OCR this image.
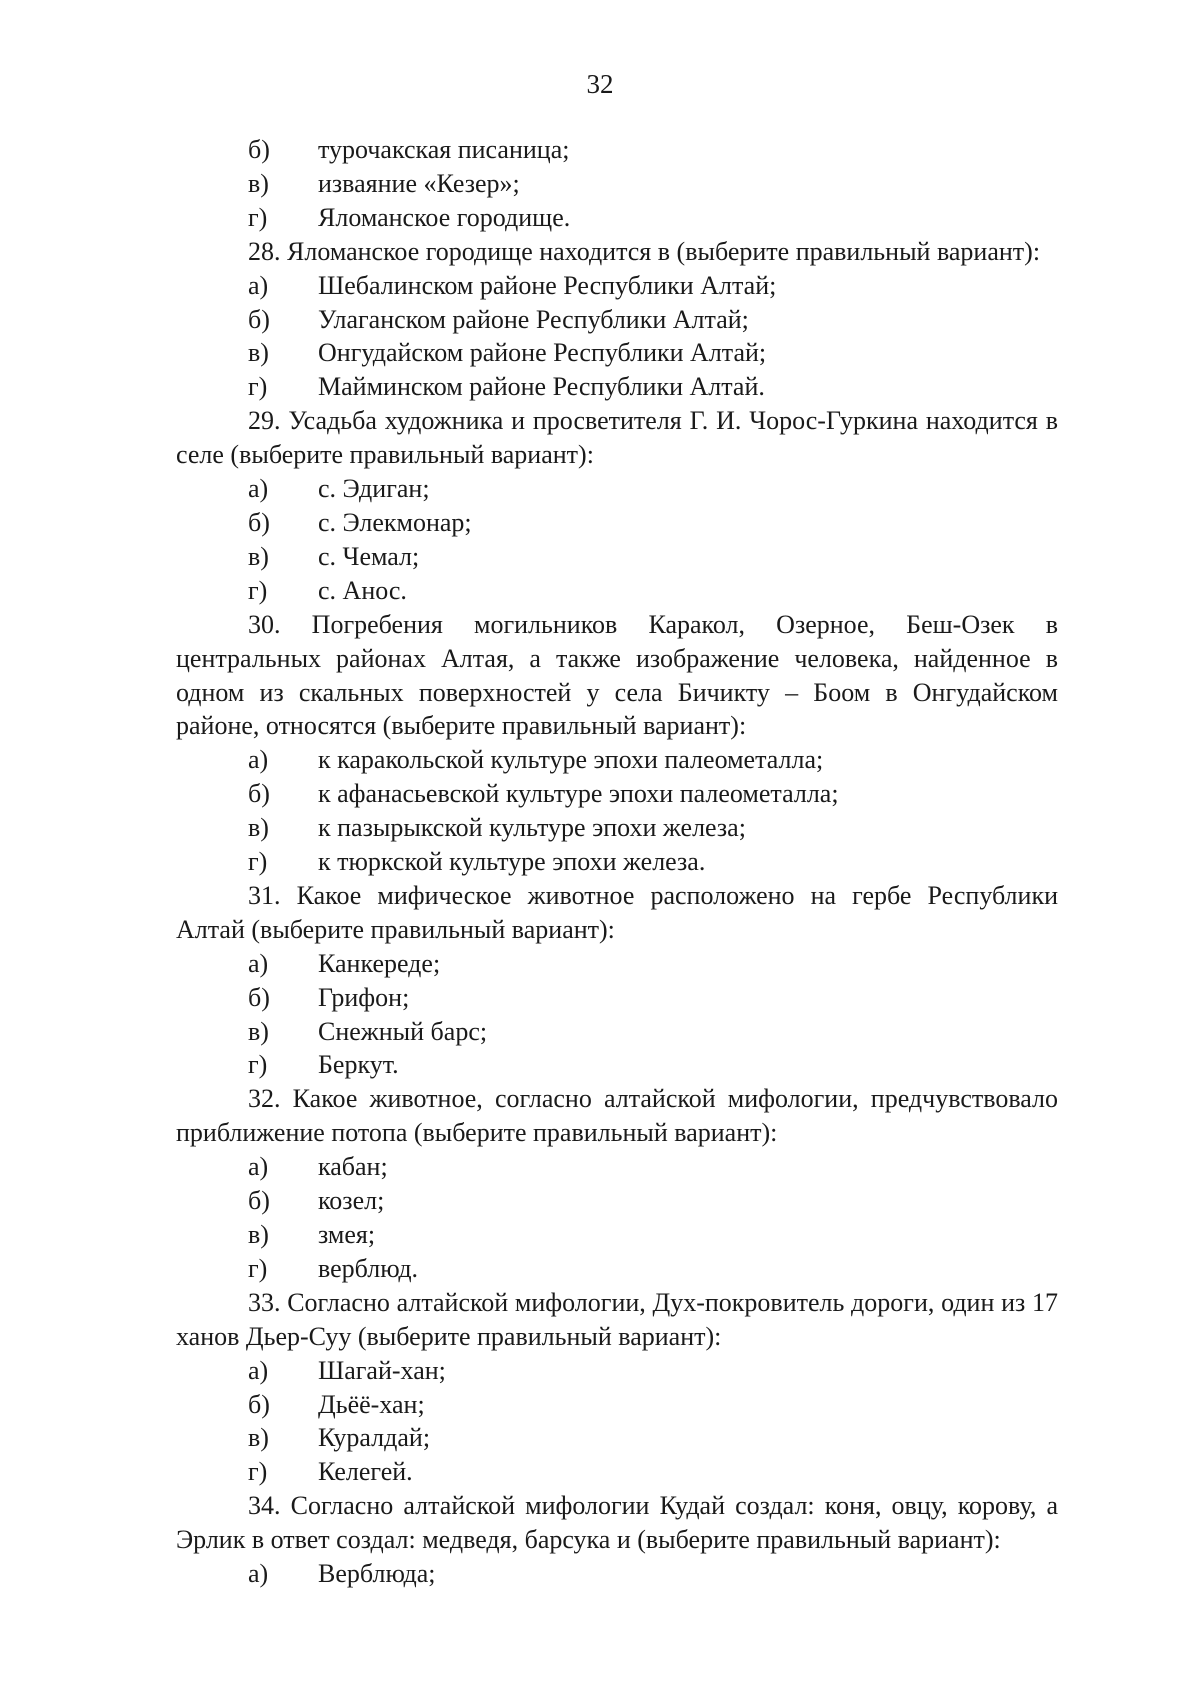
32
б)	турочакская писаница;
в)	изваяние «Кезер»;
г)	Яломанское городище.
28. Яломанское городище находится в (выберите правильный вариант):
а)	Шебалинском районе Республики Алтай;
б)	Улаганском районе Республики Алтай;
в)	Онгудайском районе Республики Алтай;
г)	Майминском районе Республики Алтай.
29. Усадьба художника и просветителя Г. И. Чорос-Гуркина находится в селе (выберите правильный вариант):
а)	с. Эдиган;
б)	с. Элекмонар;
в)	с. Чемал;
г)	с. Анос.
30. Погребения могильников Каракол, Озерное, Беш-Озек в центральных районах Алтая, а также изображение человека, найденное в одном из скальных поверхностей у села Бичикту – Боом в Онгудайском районе, относятся (выберите правильный вариант):
а)	к каракольской культуре эпохи палеометалла;
б)	к афанасьевской культуре эпохи палеометалла;
в)	к пазырыкской культуре эпохи железа;
г)	к тюркской культуре эпохи железа.
31. Какое мифическое животное расположено на гербе Республики Алтай (выберите правильный вариант):
а)	Канкереде;
б)	Грифон;
в)	Снежный барс;
г)	Беркут.
32. Какое животное, согласно алтайской мифологии, предчувствовало приближение потопа (выберите правильный вариант):
а)	кабан;
б)	козел;
в)	змея;
г)	верблюд.
33. Согласно алтайской мифологии, Дух-покровитель дороги, один из 17 ханов Дьер-Суу (выберите правильный вариант):
а)	Шагай-хан;
б)	Дьёё-хан;
в)	Куралдай;
г)	Келегей.
34. Согласно алтайской мифологии Кудай создал: коня, овцу, корову, а Эрлик в ответ создал: медведя, барсука и (выберите правильный вариант):
а)	Верблюда;
